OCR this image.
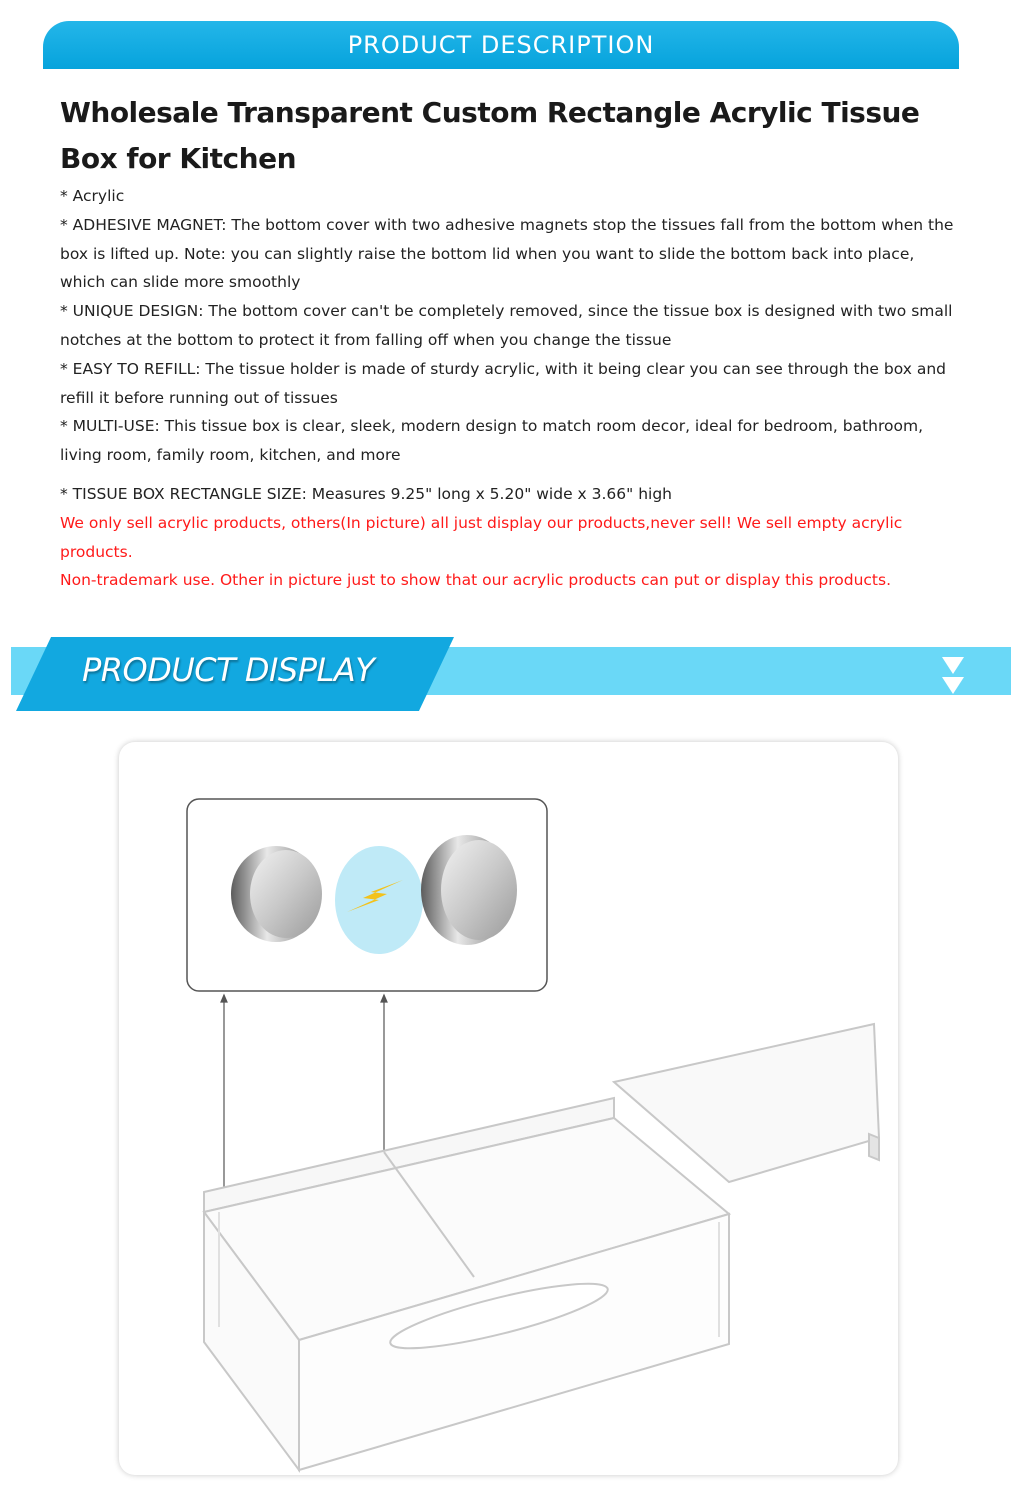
PRODUCT DESCRIPTION
Wholesale Transparent Custom Rectangle Acrylic Tissue Box for Kitchen

* Acrylic

* ADHESIVE MAGNET: The bottom cover with two adhesive magnets stop the tissues fall from the bottom when the box is lifted up. Note: you can slightly raise the bottom lid when you want to slide the bottom back into place, which can slide more smoothly

* UNIQUE DESIGN: The bottom cover can't be completely removed, since the tissue box is designed with two small notches at the bottom to protect it from falling off when you change the tissue

* EASY TO REFILL: The tissue holder is made of sturdy acrylic, with it being clear you can see through the box and refill it before running out of tissues

* MULTI-USE: This tissue box is clear, sleek, modern design to match room decor, ideal for bedroom, bathroom, living room, family room, kitchen, and more

* TISSUE BOX RECTANGLE SIZE: Measures 9.25" long x 5.20" wide x 3.66" high

We only sell acrylic products, others(In picture) all just display our products,never sell! We sell empty acrylic products.

Non-trademark use. Other in picture just to show that our acrylic products can put or display this products.

PRODUCT DISPLAY
